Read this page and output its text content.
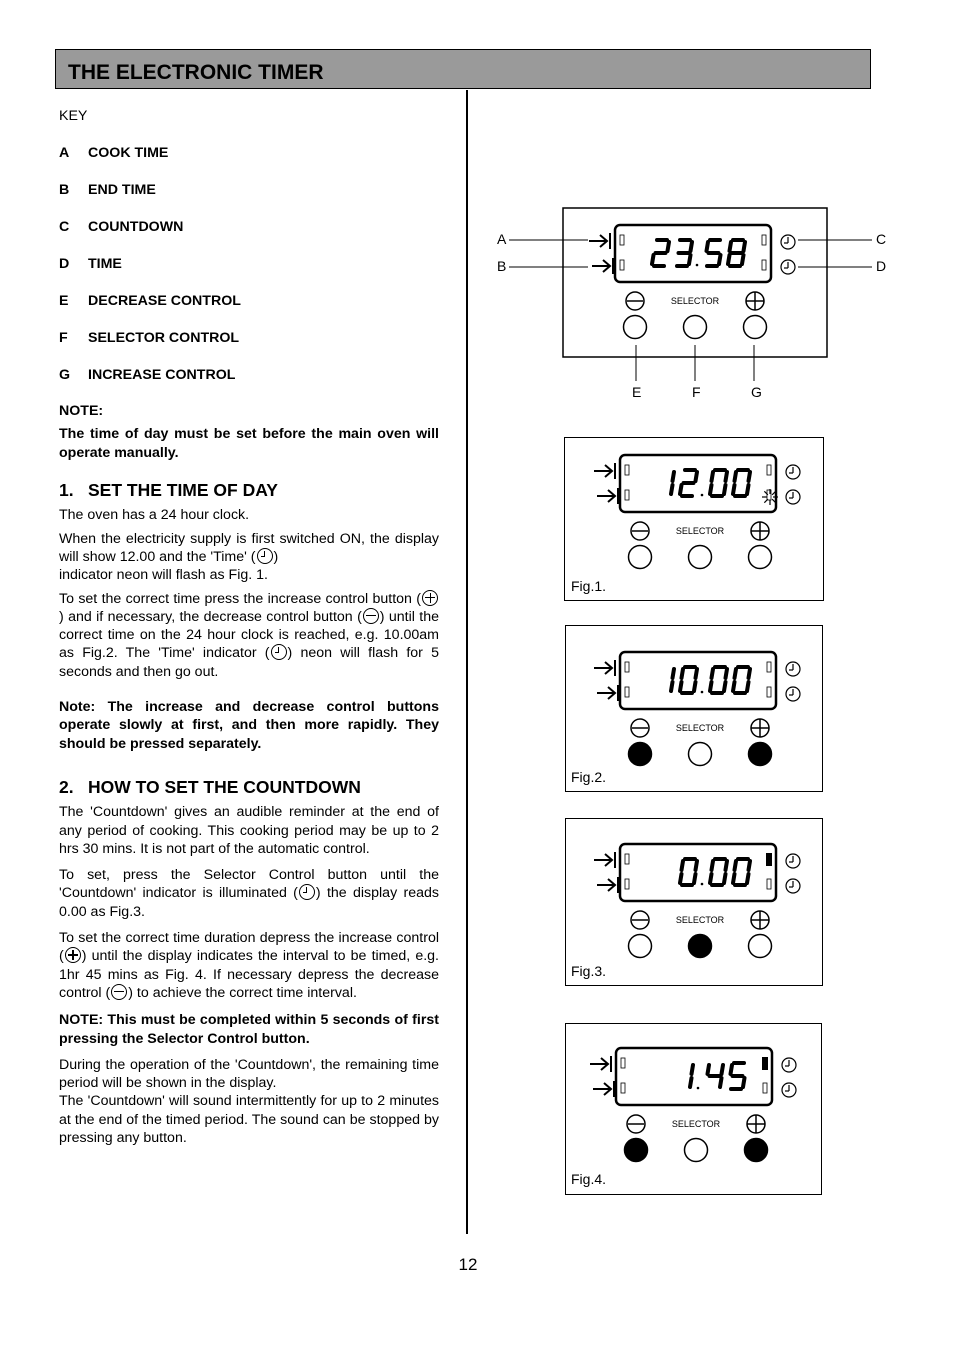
THE ELECTRONIC TIMER

KEY

A	COOK TIME
B	END TIME
C	COUNTDOWN
D	TIME
E	DECREASE CONTROL
F	SELECTOR CONTROL
G	INCREASE CONTROL

NOTE:

The time of day must be set before the main oven will operate manually.

1. SET THE TIME OF DAY

The oven has a 24 hour clock.

When the electricity supply is first switched ON, the display will show 12.00 and the 'Time' ( )
indicator neon will flash as Fig. 1.

To set the correct time press the increase control button () and if necessary, the decrease control button ( ) until the correct time on the 24 hour clock is reached, e.g. 10.00am as Fig.2. The 'Time' indicator ( ) neon will flash for 5 seconds and then go out.

Note: The increase and decrease control buttons operate slowly at first, and then more rapidly. They should be pressed separately.

2. HOW TO SET THE COUNTDOWN

The 'Countdown' gives an audible reminder at the end of any period of cooking. This cooking period may be up to 2 hrs 30 mins. It is not part of the automatic control.

To set, press the Selector Control button until the 'Countdown' indicator is illuminated ( ) the display reads 0.00 as Fig.3.

To set the correct time duration depress the increase control ( ) until the display indicates the interval to be timed, e.g. 1hr 45 mins as Fig. 4. If necessary depress the decrease control ( ) to achieve the correct time interval.

NOTE: This must be completed within 5 seconds of first pressing the Selector Control button.

During the operation of the 'Countdown', the remaining time period will be shown in the display.

The 'Countdown' will sound intermittently for up to 2 minutes at the end of the timed period. The sound can be stopped by pressing any button.

A
B
C
D
E	F	G
SELECTOR
SELECTOR
Fig.1.
SELECTOR
Fig.2.
SELECTOR
Fig.3.
SELECTOR
Fig.4.
12
